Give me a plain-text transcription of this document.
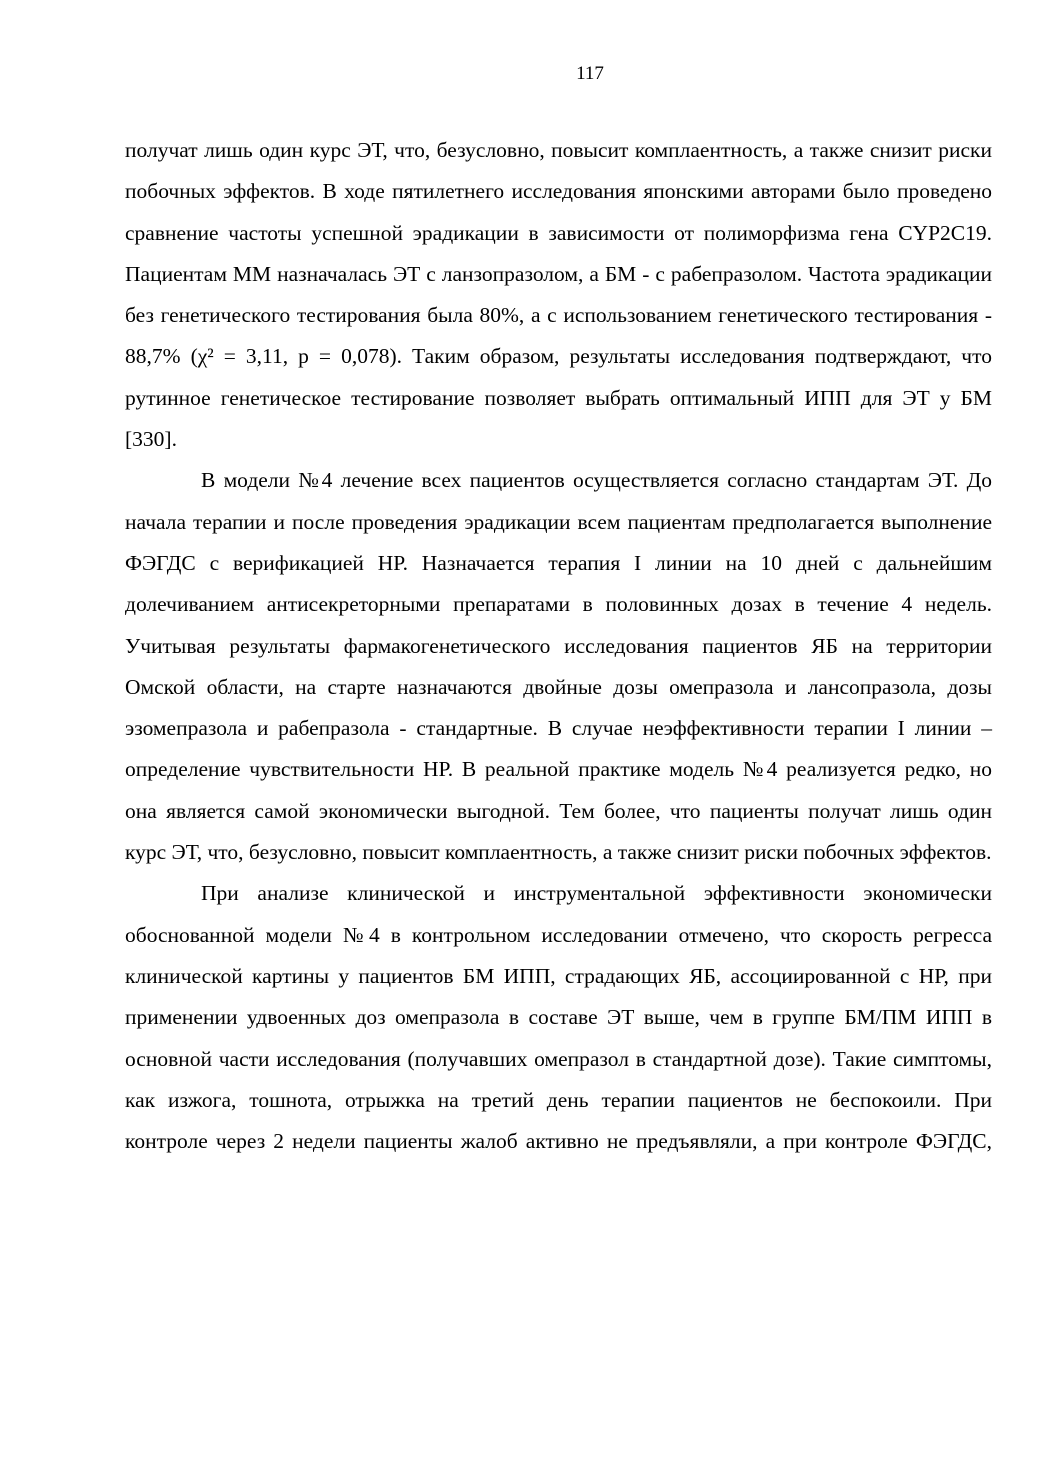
117

получат лишь один курс ЭТ, что, безусловно, повысит комплаентность, а также снизит риски побочных эффектов. В ходе пятилетнего исследования японскими авторами было проведено сравнение частоты успешной эрадикации в зависимости от полиморфизма гена CYP2C19. Пациентам ММ назначалась ЭТ с ланзопразолом, а БМ - с рабепразолом. Частота эрадикации без генетического тестирования была 80%, а с использованием генетического тестирования - 88,7% (χ² = 3,11, p = 0,078). Таким образом, результаты исследования подтверждают, что рутинное генетическое тестирование позволяет выбрать оптимальный ИПП для ЭТ у БМ [330].

В модели №4 лечение всех пациентов осуществляется согласно стандартам ЭТ. До начала терапии и после проведения эрадикации всем пациентам предполагается выполнение ФЭГДС с верификацией НР. Назначается терапия I линии на 10 дней с дальнейшим долечиванием антисекреторными препаратами в половинных дозах в течение 4 недель. Учитывая результаты фармакогенетического исследования пациентов ЯБ на территории Омской области, на старте назначаются двойные дозы омепразола и лансопразола, дозы эзомепразола и рабепразола - стандартные. В случае неэффективности терапии I линии – определение чувствительности НР. В реальной практике модель №4 реализуется редко, но она является самой экономически выгодной. Тем более, что пациенты получат лишь один курс ЭТ, что, безусловно, повысит комплаентность, а также снизит риски побочных эффектов.

При анализе клинической и инструментальной эффективности экономически обоснованной модели №4 в контрольном исследовании отмечено, что скорость регресса клинической картины у пациентов БМ ИПП, страдающих ЯБ, ассоциированной с НР, при применении удвоенных доз омепразола в составе ЭТ выше, чем в группе БМ/ПМ ИПП в основной части исследования (получавших омепразол в стандартной дозе). Такие симптомы, как изжога, тошнота, отрыжка на третий день терапии пациентов не беспокоили. При контроле через 2 недели пациенты жалоб активно не предъявляли, а при контроле ФЭГДС,
